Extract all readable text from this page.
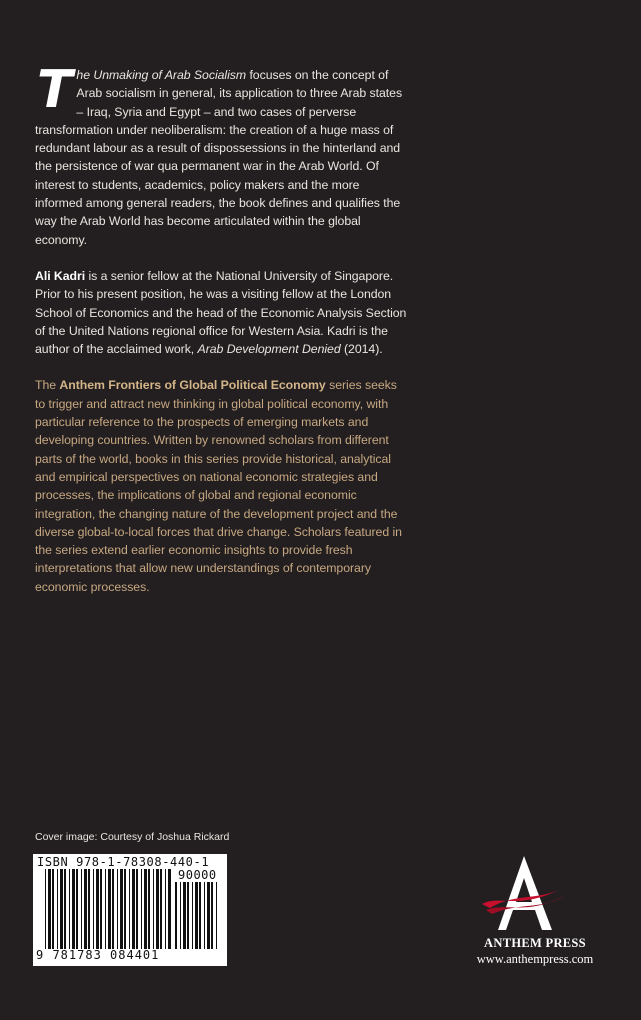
The Unmaking of Arab Socialism focuses on the concept of Arab socialism in general, its application to three Arab states – Iraq, Syria and Egypt – and two cases of perverse transformation under neoliberalism: the creation of a huge mass of redundant labour as a result of dispossessions in the hinterland and the persistence of war qua permanent war in the Arab World. Of interest to students, academics, policy makers and the more informed among general readers, the book defines and qualifies the way the Arab World has become articulated within the global economy.

Ali Kadri is a senior fellow at the National University of Singapore. Prior to his present position, he was a visiting fellow at the London School of Economics and the head of the Economic Analysis Section of the United Nations regional office for Western Asia. Kadri is the author of the acclaimed work, Arab Development Denied (2014).

The Anthem Frontiers of Global Political Economy series seeks to trigger and attract new thinking in global political economy, with particular reference to the prospects of emerging markets and developing countries. Written by renowned scholars from different parts of the world, books in this series provide historical, analytical and empirical perspectives on national economic strategies and processes, the implications of global and regional economic integration, the changing nature of the development project and the diverse global-to-local forces that drive change. Scholars featured in the series extend earlier economic insights to provide fresh interpretations that allow new understandings of contemporary economic processes.

Cover image: Courtesy of Joshua Rickard
ISBN 978-1-78308-440-1
90000
9 781783 084401
ANTHEM PRESS
www.anthempress.com
